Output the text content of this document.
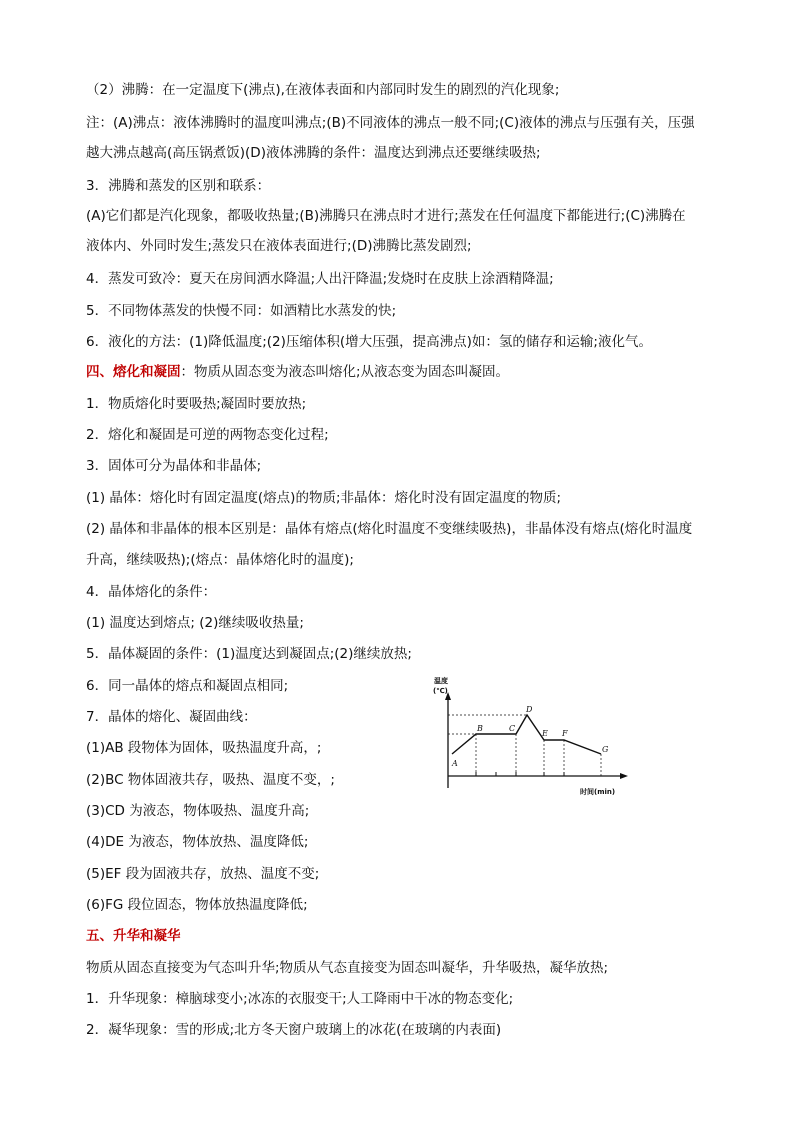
（2）沸腾：在一定温度下(沸点),在液体表面和内部同时发生的剧烈的汽化现象;
注：(A)沸点：液体沸腾时的温度叫沸点;(B)不同液体的沸点一般不同;(C)液体的沸点与压强有关，压强
越大沸点越高(高压锅煮饭)(D)液体沸腾的条件：温度达到沸点还要继续吸热;
3．沸腾和蒸发的区别和联系：
(A)它们都是汽化现象，都吸收热量;(B)沸腾只在沸点时才进行;蒸发在任何温度下都能进行;(C)沸腾在
液体内、外同时发生;蒸发只在液体表面进行;(D)沸腾比蒸发剧烈;
4．蒸发可致冷：夏天在房间洒水降温;人出汗降温;发烧时在皮肤上涂酒精降温;
5．不同物体蒸发的快慢不同：如酒精比水蒸发的快;
6．液化的方法：(1)降低温度;(2)压缩体积(增大压强，提高沸点)如：氢的储存和运输;液化气。
四、熔化和凝固：物质从固态变为液态叫熔化;从液态变为固态叫凝固。
1．物质熔化时要吸热;凝固时要放热;
2．熔化和凝固是可逆的两物态变化过程;
3．固体可分为晶体和非晶体;
(1) 晶体：熔化时有固定温度(熔点)的物质;非晶体：熔化时没有固定温度的物质;
(2) 晶体和非晶体的根本区别是：晶体有熔点(熔化时温度不变继续吸热)，非晶体没有熔点(熔化时温度
升高，继续吸热);(熔点：晶体熔化时的温度);
4．晶体熔化的条件：
(1) 温度达到熔点; (2)继续吸收热量;
5．晶体凝固的条件：(1)温度达到凝固点;(2)继续放热;
6．同一晶体的熔点和凝固点相同;
7．晶体的熔化、凝固曲线：
(1)AB 段物体为固体，吸热温度升高，;
(2)BC 物体固液共存，吸热、温度不变，;
(3)CD 为液态，物体吸热、温度升高;
(4)DE 为液态，物体放热、温度降低;
(5)EF 段为固液共存，放热、温度不变;
(6)FG 段位固态，物体放热温度降低;
五、升华和凝华
物质从固态直接变为气态叫升华;物质从气态直接变为固态叫凝华，升华吸热，凝华放热;
1．升华现象：樟脑球变小;冰冻的衣服变干;人工降雨中干冰的物态变化;
2．凝华现象：雪的形成;北方冬天窗户玻璃上的冰花(在玻璃的内表面)
温度
(℃)
时间(min)
A
B	C
D
E F
G
